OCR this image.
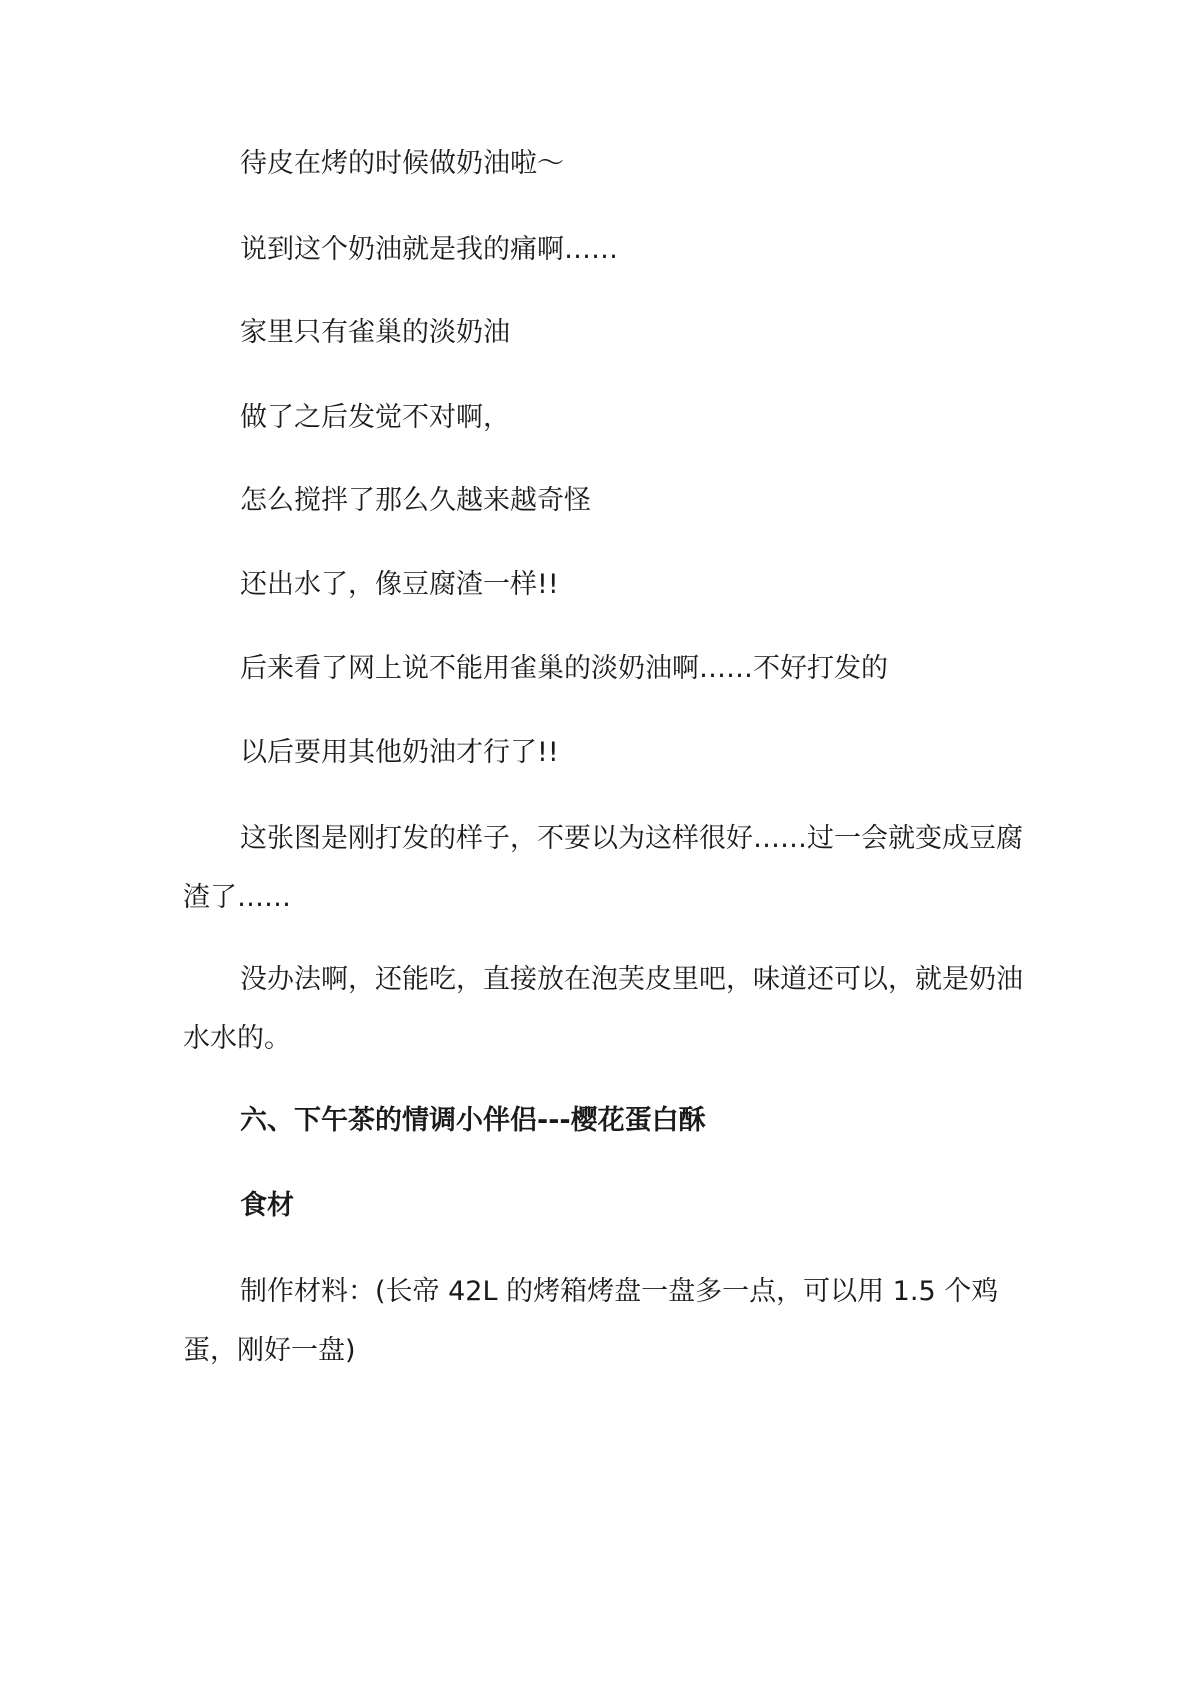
待皮在烤的时候做奶油啦～

说到这个奶油就是我的痛啊……

家里只有雀巢的淡奶油

做了之后发觉不对啊，

怎么搅拌了那么久越来越奇怪

还出水了，像豆腐渣一样!!

后来看了网上说不能用雀巢的淡奶油啊……不好打发的

以后要用其他奶油才行了!!

这张图是刚打发的样子，不要以为这样很好……过一会就变成豆腐渣了……

没办法啊，还能吃，直接放在泡芙皮里吧，味道还可以，就是奶油水水的。

六、下午茶的情调小伴侣---樱花蛋白酥

食材

制作材料：(长帝 42L 的烤箱烤盘一盘多一点，可以用 1.5 个鸡蛋，刚好一盘)
